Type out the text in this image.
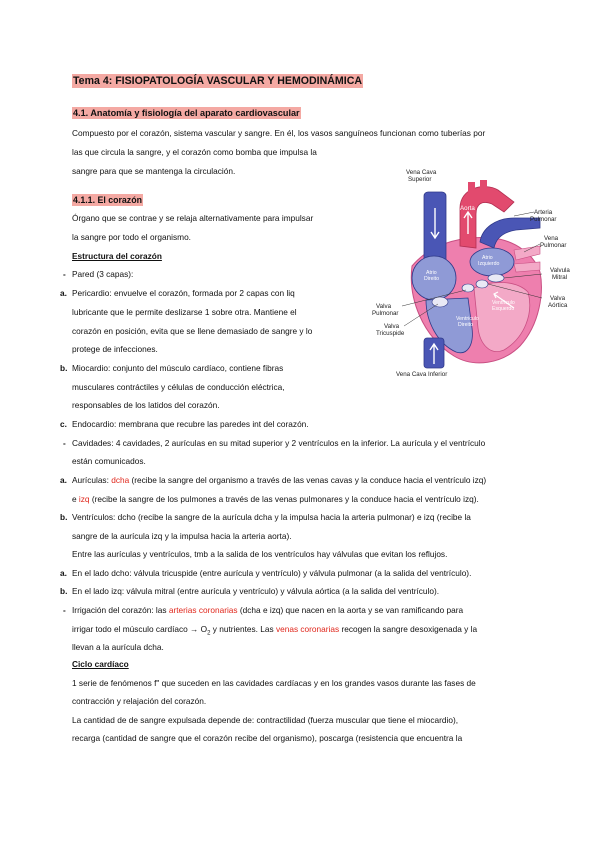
Tema 4: FISIOPATOLOGÍA VASCULAR Y HEMODINÁMICA
4.1. Anatomía y fisiología del aparato cardiovascular
Compuesto por el corazón, sistema vascular y sangre. En él, los vasos sanguíneos funcionan como tuberías por
las que circula la sangre, y el corazón como bomba que impulsa la
sangre para que se mantenga la circulación.
4.1.1. El corazón
Órgano que se contrae y se relaja alternativamente para impulsar
la sangre por todo el organismo.
Estructura del corazón
- Pared (3 capas):
a. Pericardio: envuelve el corazón, formada por 2 capas con liq
lubricante que le permite deslizarse 1 sobre otra. Mantiene el
corazón en posición, evita que se llene demasiado de sangre y lo
protege de infecciones.
b. Miocardio: conjunto del músculo cardíaco, contiene fibras
musculares contráctiles y células de conducción eléctrica,
responsables de los latidos del corazón.
c. Endocardio: membrana que recubre las paredes int del corazón.
- Cavidades: 4 cavidades, 2 aurículas en su mitad superior y 2 ventrículos en la inferior. La aurícula y el ventrículo
están comunicados.
a. Aurículas: dcha (recibe la sangre del organismo a través de las venas cavas y la conduce hacia el ventrículo izq)
e izq (recibe la sangre de los pulmones a través de las venas pulmonares y la conduce hacia el ventrículo izq).
b. Ventrículos: dcho (recibe la sangre de la aurícula dcha y la impulsa hacia la arteria pulmonar) e izq (recibe la
sangre de la aurícula izq y la impulsa hacia la arteria aorta).
Entre las aurículas y ventrículos, tmb a la salida de los ventrículos hay válvulas que evitan los reflujos.
a. En el lado dcho: válvula tricuspide (entre aurícula y ventrículo) y válvula pulmonar (a la salida del ventrículo).
b. En el lado izq: válvula mitral (entre aurícula y ventrículo) y válvula aórtica (a la salida del ventrículo).
- Irrigación del corazón: las arterias coronarias (dcha e izq) que nacen en la aorta y se van ramificando para
irrigar todo el músculo cardíaco → $O_2$ y nutrientes. Las venas coronarias recogen la sangre desoxigenada y la
llevan a la aurícula dcha.
Ciclo cardíaco
1 serie de fenómenos f" que suceden en las cavidades cardíacas y en los grandes vasos durante las fases de
contracción y relajación del corazón.
La cantidad de de sangre expulsada depende de: contractilidad (fuerza muscular que tiene el miocardio),
recarga (cantidad de sangre que el corazón recibe del organismo), poscarga (resistencia que encuentra la
Vena Cava
Superior
Aorta
Arteria
Pulmonar
Vena
Pulmonar
Atrio
Izquierdo
Valvula
Mitral
Atrio
Direito
Valva
Aórtica
Ventriculo
Esquerdo
Valva
Pulmonar
Ventriculo
Direito
Valva
Tricuspide
Vena Cava Inferior
